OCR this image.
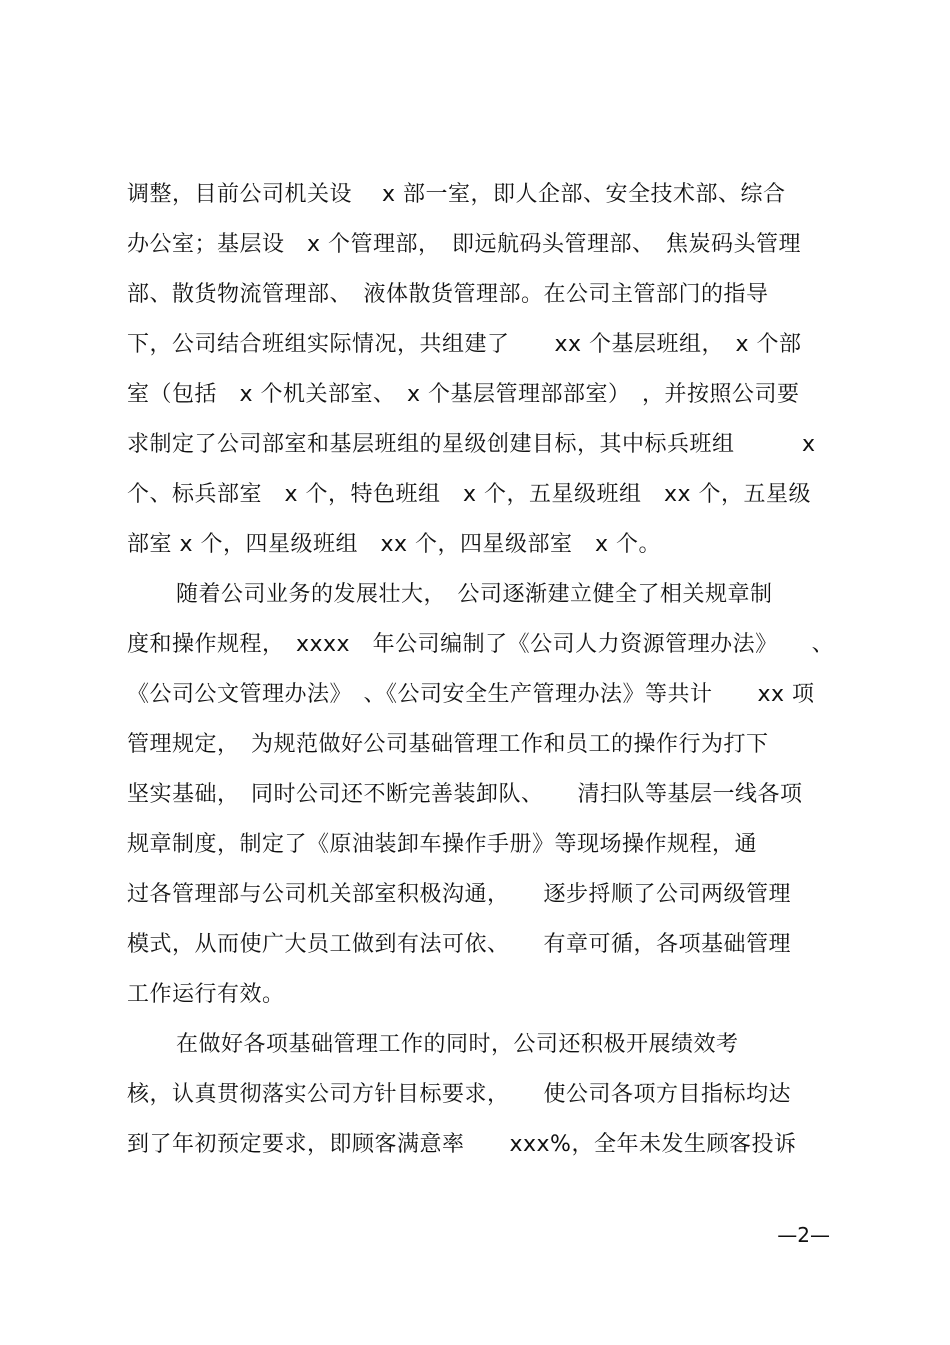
调整，目前公司机关设　 x 部一室，即人企部、安全技术部、综合
办公室；基层设　x 个管理部，　即远航码头管理部、　焦炭码头管理
部、散货物流管理部、　液体散货管理部。在公司主管部门的指导
下，公司结合班组实际情况，共组建了　　xx 个基层班组，　x 个部
室（包括　x 个机关部室、　x 个基层管理部部室）　，并按照公司要
求制定了公司部室和基层班组的星级创建目标，其中标兵班组　　　x
个、标兵部室　x 个，特色班组　x 个，五星级班组　xx 个，五星级
部室 x 个，四星级班组　xx 个，四星级部室　x 个。
随着公司业务的发展壮大，　公司逐渐建立健全了相关规章制
度和操作规程，　xxxx　年公司编制了《公司人力资源管理办法》　　、
《公司公文管理办法》　、《公司安全生产管理办法》等共计　　xx 项
管理规定，　为规范做好公司基础管理工作和员工的操作行为打下
坚实基础，　同时公司还不断完善装卸队、　　清扫队等基层一线各项
规章制度，制定了《原油装卸车操作手册》等现场操作规程，通
过各管理部与公司机关部室积极沟通，　　逐步捋顺了公司两级管理
模式，从而使广大员工做到有法可依、　　有章可循，各项基础管理
工作运行有效。
在做好各项基础管理工作的同时，公司还积极开展绩效考
核，认真贯彻落实公司方针目标要求，　　使公司各项方目指标均达
到了年初预定要求，即顾客满意率　　xxx%，全年未发生顾客投诉
—2—
